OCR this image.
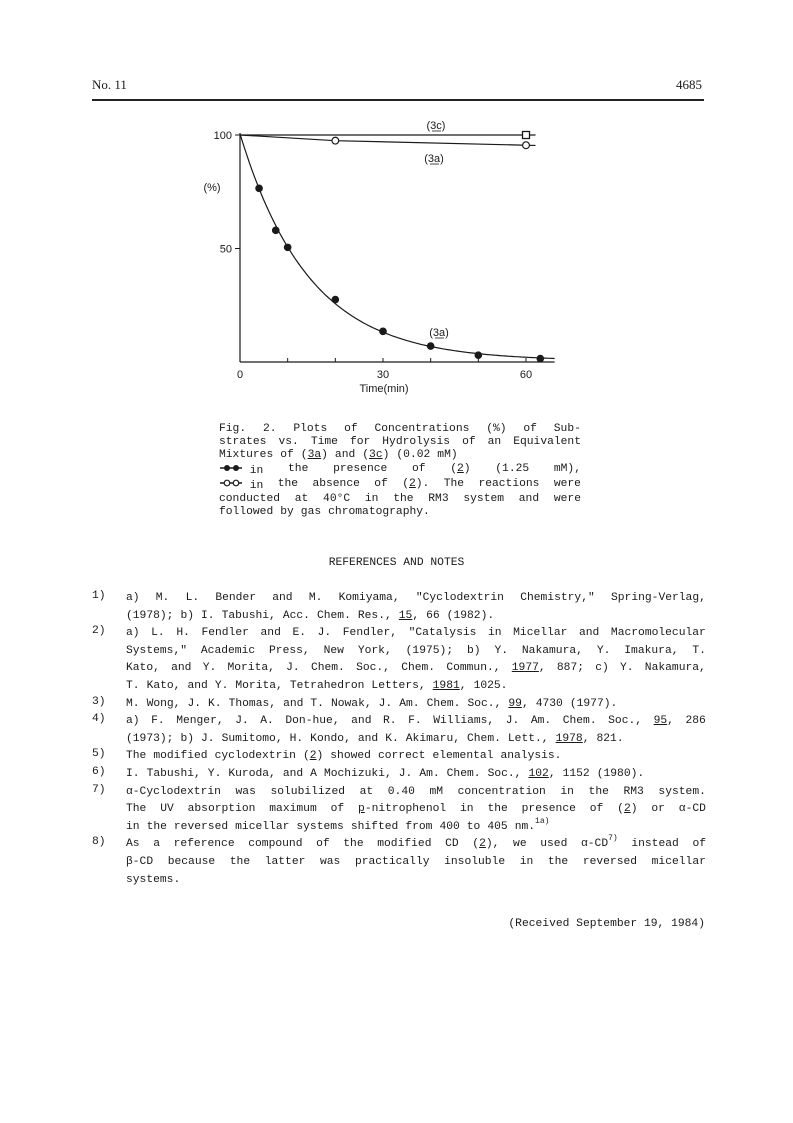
No. 11	4685
100
50
0	30	60
Time(min)
(%)
(3c)
(3a)
(3a)
Fig. 2. Plots of Concentrations (%) of Sub-
strates vs. Time for Hydrolysis of an Equivalent
Mixtures of (3a) and (3c) (0.02 mM)
in the presence of (2) (1.25 mM),
in the absence of (2). The reactions were
conducted at 40°C in the RM3 system and were
followed by gas chromatography.
REFERENCES AND NOTES
1)	a) M. L. Bender and M. Komiyama, "Cyclodextrin Chemistry," Spring-Verlag,
(1978); b) I. Tabushi, Acc. Chem. Res., 15, 66 (1982).
2)	a) L. H. Fendler and E. J. Fendler, "Catalysis in Micellar and Macromolecular
Systems," Academic Press, New York, (1975); b) Y. Nakamura, Y. Imakura, T.
Kato, and Y. Morita, J. Chem. Soc., Chem. Commun., 1977, 887; c) Y. Nakamura,
T. Kato, and Y. Morita, Tetrahedron Letters, 1981, 1025.
3)	M. Wong, J. K. Thomas, and T. Nowak, J. Am. Chem. Soc., 99, 4730 (1977).
4)	a) F. Menger, J. A. Don-hue, and R. F. Williams, J. Am. Chem. Soc., 95, 286
(1973); b) J. Sumitomo, H. Kondo, and K. Akimaru, Chem. Lett., 1978, 821.
5)	The modified cyclodextrin (2) showed correct elemental analysis.
6)	I. Tabushi, Y. Kuroda, and A Mochizuki, J. Am. Chem. Soc., 102, 1152 (1980).
7)	α-Cyclodextrin was solubilized at 0.40 mM concentration in the RM3 system.
The UV absorption maximum of p-nitrophenol in the presence of (2) or α-CD
in the reversed micellar systems shifted from 400 to 405 nm.$^{1a)}$
8)	As a reference compound of the modified CD (2), we used α-CD$^{7)}$ instead of
β-CD because the latter was practically insoluble in the reversed micellar
systems.
(Received September 19, 1984)
